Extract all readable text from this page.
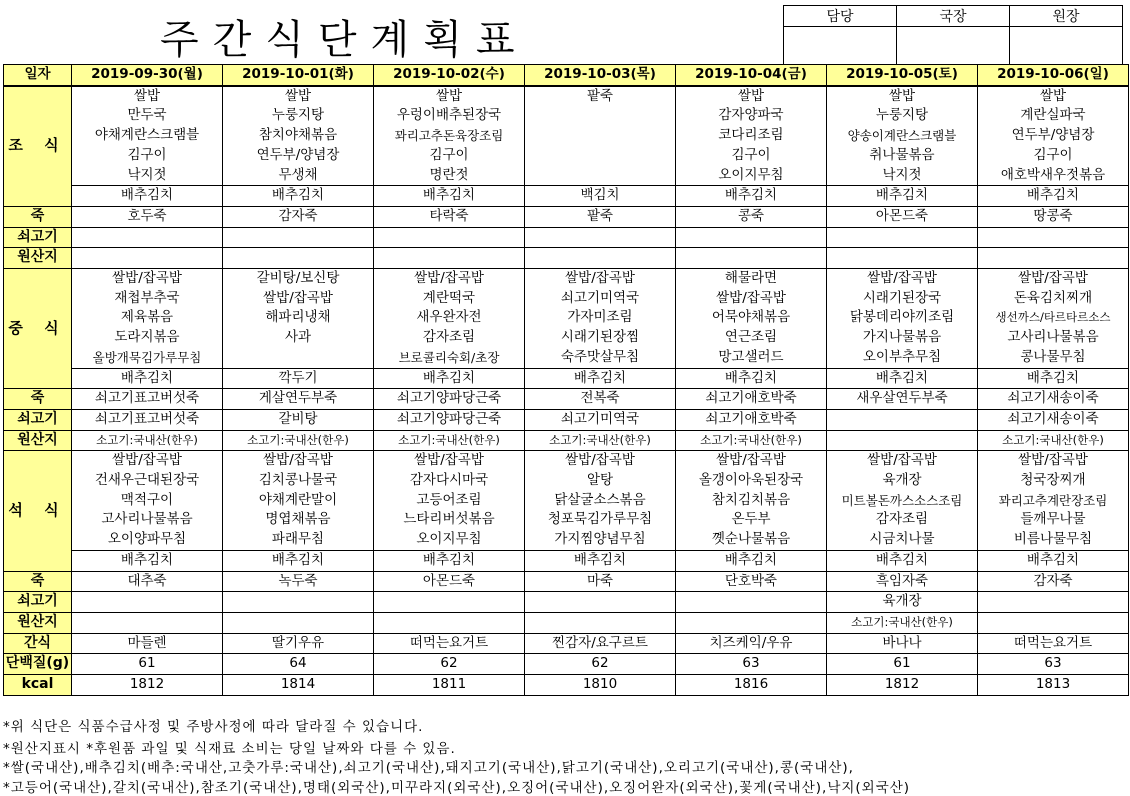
주간식단계획표	담당	국장	원장

일자	2019-09-30(월)	2019-10-01(화)	2019-10-02(수)	2019-10-03(목)	2019-10-04(금)	2019-10-05(토)	2019-10-06(일)
조 식	쌀밥	쌀밥	쌀밥	팥죽	쌀밥	쌀밥	쌀밥
	만두국	누룽지탕	우렁이배추된장국		감자양파국	누룽지탕	계란실파국
	야채계란스크램블	참치야채볶음	꽈리고추돈육장조림		코다리조림	양송이계란스크램블	연두부/양념장
	김구이	연두부/양념장	김구이		김구이	취나물볶음	김구이
	낙지젓	무생채	명란젓		오이지무침	낙지젓	애호박새우젓볶음
	배추김치	배추김치	배추김치	백김치	배추김치	배추김치	배추김치
죽	호두죽	감자죽	타락죽	팥죽	콩죽	아몬드죽	땅콩죽
쇠고기							
원산지							
중 식	쌀밥/잡곡밥	갈비탕/보신탕	쌀밥/잡곡밥	쌀밥/잡곡밥	해물라면	쌀밥/잡곡밥	쌀밥/잡곡밥
	재첩부추국	쌀밥/잡곡밥	계란떡국	쇠고기미역국	쌀밥/잡곡밥	시래기된장국	돈육김치찌개
	제육볶음	해파리냉채	새우완자전	가자미조림	어묵야채볶음	닭봉데리야끼조림	생선까스/타르타르소스
	도라지볶음	사과	감자조림	시래기된장찜	연근조림	가지나물볶음	고사리나물볶음
	올방개묵김가루무침		브로콜리숙회/초장	숙주맛살무침	망고샐러드	오이부추무침	콩나물무침
	배추김치	깍두기	배추김치	배추김치	배추김치	배추김치	배추김치
죽	쇠고기표고버섯죽	게살연두부죽	쇠고기양파당근죽	전복죽	쇠고기애호박죽	새우살연두부죽	쇠고기새송이죽
쇠고기	쇠고기표고버섯죽	갈비탕	쇠고기양파당근죽	쇠고기미역국	쇠고기애호박죽		쇠고기새송이죽
원산지	소고기:국내산(한우)	소고기:국내산(한우)	소고기:국내산(한우)	소고기:국내산(한우)	소고기:국내산(한우)		소고기:국내산(한우)
석 식	쌀밥/잡곡밥	쌀밥/잡곡밥	쌀밥/잡곡밥	쌀밥/잡곡밥	쌀밥/잡곡밥	쌀밥/잡곡밥	쌀밥/잡곡밥
	건새우근대된장국	김치콩나물국	감자다시마국	알탕	올갱이아욱된장국	육개장	청국장찌개
	맥적구이	야채계란말이	고등어조림	닭살굴소스볶음	참치김치볶음	미트볼돈까스소스조림	꽈리고추계란장조림
	고사리나물볶음	명엽채볶음	느타리버섯볶음	청포묵김가루무침	온두부	감자조림	들깨무나물
	오이양파무침	파래무침	오이지무침	가지찜양념무침	꼣순나물볶음	시금치나물	비름나물무침
	배추김치	배추김치	배추김치	배추김치	배추김치	배추김치	배추김치
죽	대추죽	녹두죽	아몬드죽	마죽	단호박죽	흑임자죽	감자죽
쇠고기						육개장	
원산지						소고기:국내산(한우)	
간식	마들렌	딸기우유	떠먹는요거트	찐감자/요구르트	치즈케익/우유	바나나	떠먹는요거트
단백질(g)	61	64	62	62	63	61	63
kcal	1812	1814	1811	1810	1816	1812	1813
*위 식단은 식품수급사정 및 주방사정에 따라 달라질 수 있습니다.
*원산지표시 *후원품 과일 및 식재료 소비는 당일 날짜와 다를 수 있음.
*쌀(국내산),배추김치(배추:국내산,고춧가루:국내산),쇠고기(국내산),돼지고기(국내산),닭고기(국내산),오리고기(국내산),콩(국내산),
*고등어(국내산),갈치(국내산),참조기(국내산),명태(외국산),미꾸라지(외국산),오징어(국내산),오징어완자(외국산),꽃게(국내산),낙지(외국산)
